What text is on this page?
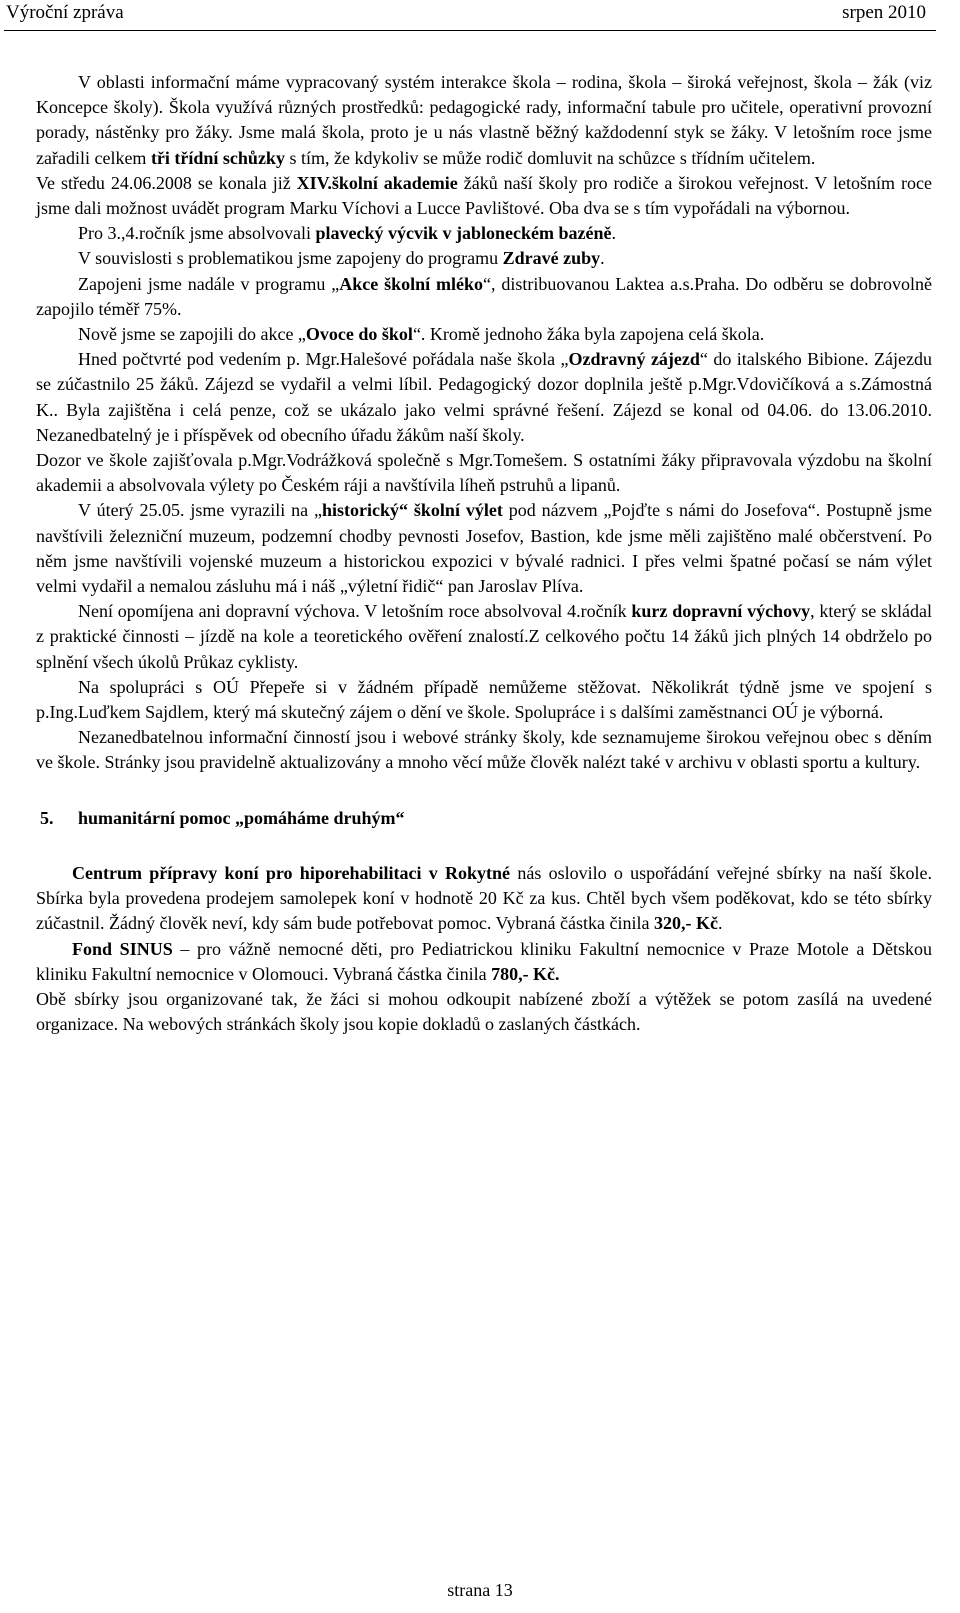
Výroční zpráva	srpen 2010

V oblasti informační máme vypracovaný systém interakce škola – rodina, škola – široká veřejnost, škola – žák (viz Koncepce školy). Škola využívá různých prostředků: pedagogické rady, informační tabule pro učitele, operativní provozní porady, nástěnky pro žáky. Jsme malá škola, proto je u nás vlastně běžný každodenní styk se žáky. V letošním roce jsme zařadili celkem tři třídní schůzky s tím, že kdykoliv se může rodič domluvit na schůzce s třídním učitelem.

Ve středu 24.06.2008 se konala již XIV.školní akademie žáků naší školy pro rodiče a širokou veřejnost. V letošním roce jsme dali možnost uvádět program Marku Víchovi a Lucce Pavlištové. Oba dva se s tím vypořádali na výbornou.

Pro 3.,4.ročník jsme absolvovali plavecký výcvik v jabloneckém bazéně.

V souvislosti s problematikou jsme zapojeny do programu Zdravé zuby.

Zapojeni jsme nadále v programu „Akce školní mléko“, distribuovanou Laktea a.s.Praha. Do odběru se dobrovolně zapojilo téměř 75%.

Nově jsme se zapojili do akce „Ovoce do škol“. Kromě jednoho žáka byla zapojena celá škola.

Hned počtvrté pod vedením p. Mgr.Halešové pořádala naše škola „Ozdravný zájezd“ do italského Bibione. Zájezdu se zúčastnilo 25 žáků. Zájezd se vydařil a velmi líbil. Pedagogický dozor doplnila ještě p.Mgr.Vdovičíková a s.Zámostná K.. Byla zajištěna i celá penze, což se ukázalo jako velmi správné řešení. Zájezd se konal od 04.06. do 13.06.2010. Nezanedbatelný je i příspěvek od obecního úřadu žákům naší školy.

Dozor ve škole zajišťovala p.Mgr.Vodrážková společně s Mgr.Tomešem. S ostatními žáky připravovala výzdobu na školní akademii a absolvovala výlety po Českém ráji a navštívila líheň pstruhů a lipanů.

V úterý 25.05. jsme vyrazili na „historický“ školní výlet pod názvem „Pojďte s námi do Josefova“. Postupně jsme navštívili železniční muzeum, podzemní chodby pevnosti Josefov, Bastion, kde jsme měli zajištěno malé občerstvení. Po něm jsme navštívili vojenské muzeum a historickou expozici v bývalé radnici. I přes velmi špatné počasí se nám výlet velmi vydařil a nemalou zásluhu má i náš „výletní řidič“ pan Jaroslav Plíva.

Není opomíjena ani dopravní výchova. V letošním roce absolvoval 4.ročník kurz dopravní výchovy, který se skládal z praktické činnosti – jízdě na kole a teoretického ověření znalostí.Z celkového počtu 14 žáků jich plných 14 obdrželo po splnění všech úkolů Průkaz cyklisty.

Na spolupráci s OÚ Přepeře si v žádném případě nemůžeme stěžovat. Několikrát týdně jsme ve spojení s p.Ing.Luďkem Sajdlem, který má skutečný zájem o dění ve škole. Spolupráce i s dalšími zaměstnanci OÚ je výborná.

Nezanedbatelnou informační činností jsou i webové stránky školy, kde seznamujeme širokou veřejnou obec s děním ve škole. Stránky jsou pravidelně aktualizovány a mnoho věcí může člověk nalézt také v archivu v oblasti sportu a kultury.

5. humanitární pomoc „pomáháme druhým“

Centrum přípravy koní pro hiporehabilitaci v Rokytné nás oslovilo o uspořádání veřejné sbírky na naší škole. Sbírka byla provedena prodejem samolepek koní v hodnotě 20 Kč za kus. Chtěl bych všem poděkovat, kdo se této sbírky zúčastnil. Žádný člověk neví, kdy sám bude potřebovat pomoc. Vybraná částka činila 320,- Kč.

Fond SINUS – pro vážně nemocné děti, pro Pediatrickou kliniku Fakultní nemocnice v Praze Motole a Dětskou kliniku Fakultní nemocnice v Olomouci. Vybraná částka činila 780,- Kč.

Obě sbírky jsou organizované tak, že žáci si mohou odkoupit nabízené zboží a výtěžek se potom zasílá na uvedené organizace. Na webových stránkách školy jsou kopie dokladů o zaslaných částkách.

strana 13
